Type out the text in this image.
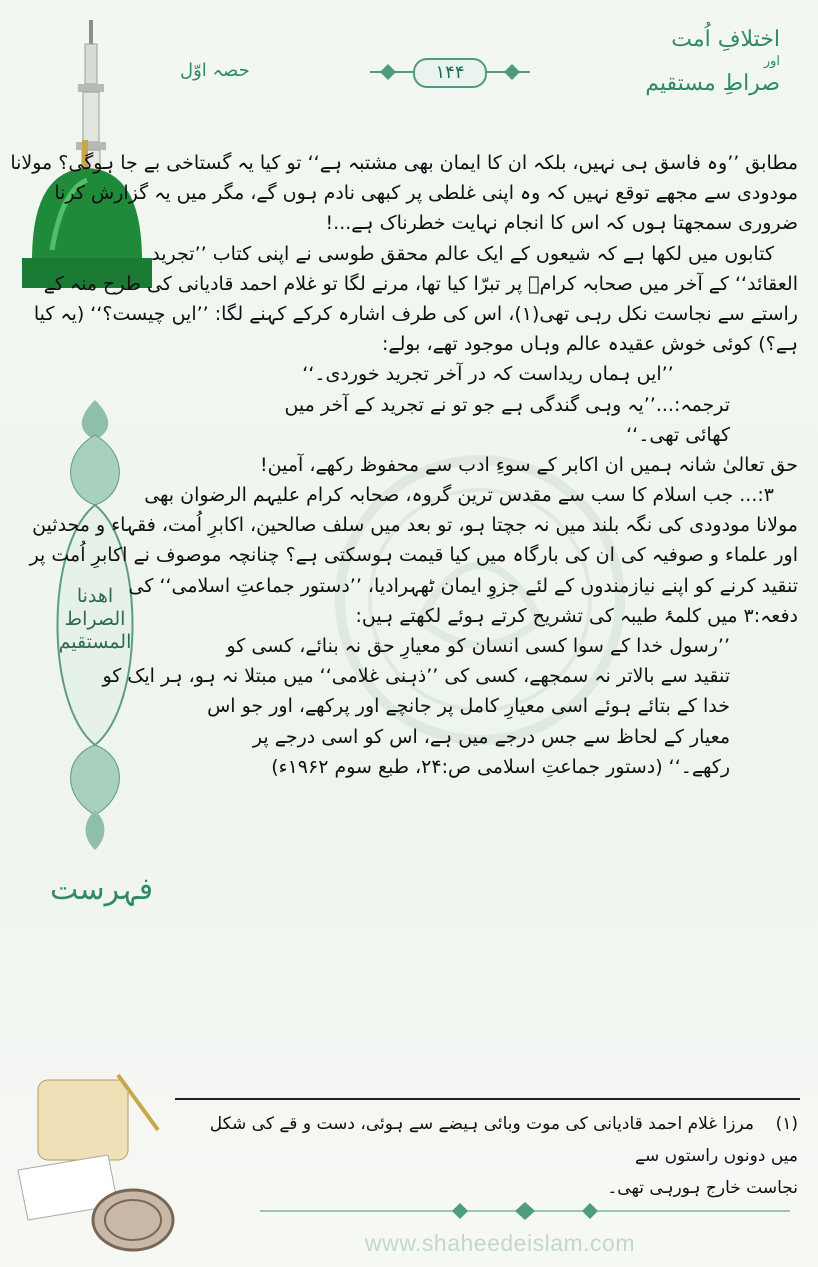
اهدنا الصراط المستقيم
فہرست
اختلافِ اُمت
اور
صراطِ مستقیم
حصہ اوّل	۱۴۴
مطابق ’’وہ فاسق ہی نہیں، بلکہ ان کا ایمان بھی مشتبہ ہے‘‘ تو کیا یہ گستاخی بے جا ہوگی؟ مولانا
مودودی سے مجھے توقع نہیں کہ وہ اپنی غلطی پر کبھی نادم ہوں گے، مگر میں یہ گزارش کرنا
ضروری سمجھتا ہوں کہ اس کا انجام نہایت خطرناک ہے...!
کتابوں میں لکھا ہے کہ شیعوں کے ایک عالم محقق طوسی نے اپنی کتاب ’’تجرید
العقائد‘‘ کے آخر میں صحابہ کرامؓ پر تبرّا کیا تھا، مرنے لگا تو غلام احمد قادیانی کی طرح منہ کے
راستے سے نجاست نکل رہی تھی(۱)، اس کی طرف اشارہ کرکے کہنے لگا: ’’ایں چیست؟‘‘ (یہ کیا
ہے؟) کوئی خوش عقیدہ عالم وہاں موجود تھے، بولے:
’’ایں ہماں ریداست کہ در آخر تجرید خوردی۔‘‘
ترجمہ:...’’یہ وہی گندگی ہے جو تو نے تجرید کے آخر میں
کھائی تھی۔‘‘
حق تعالیٰ شانہ ہمیں ان اکابر کے سوءِ ادب سے محفوظ رکھے، آمین!
۳:... جب اسلام کا سب سے مقدس ترین گروہ، صحابہ کرام علیہم الرضوان بھی
مولانا مودودی کی نگہ بلند میں نہ جچتا ہو، تو بعد میں سلف صالحین، اکابرِ اُمت، فقہاء و محدثین
اور علماء و صوفیہ کی ان کی بارگاہ میں کیا قیمت ہوسکتی ہے؟ چنانچہ موصوف نے اکابرِ اُمت پر
تنقید کرنے کو اپنے نیازمندوں کے لئے جزوِ ایمان ٹھہرادیا، ’’دستور جماعتِ اسلامی‘‘ کی
دفعہ:۳ میں کلمۂ طیبہ کی تشریح کرتے ہوئے لکھتے ہیں:
’’رسول خدا کے سوا کسی انسان کو معیارِ حق نہ بنائے، کسی کو
تنقید سے بالاتر نہ سمجھے، کسی کی ’’ذہنی غلامی‘‘ میں مبتلا نہ ہو، ہر ایک کو
خدا کے بتائے ہوئے اسی معیارِ کامل پر جانچے اور پرکھے، اور جو اس
معیار کے لحاظ سے جس درجے میں ہے، اس کو اسی درجے پر
رکھے۔‘‘ (دستور جماعتِ اسلامی ص:۲۴، طبع سوم ۱۹۶۲ء)
(۱)    مرزا غلام احمد قادیانی کی موت وبائی ہیضے سے ہوئی، دست و قے کی شکل میں دونوں راستوں سے
نجاست خارج ہورہی تھی۔
www.shaheedeislam.com
